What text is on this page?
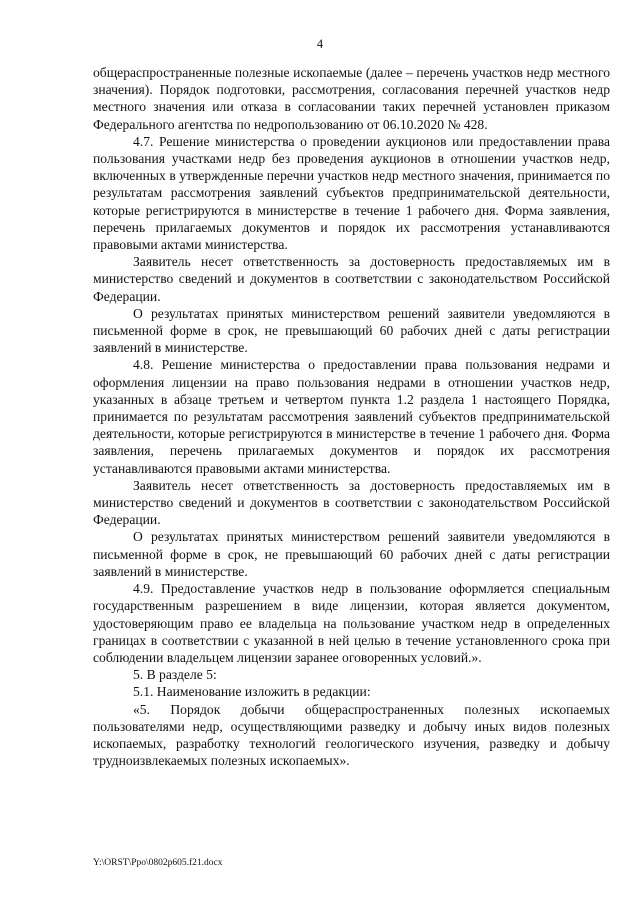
4

общераспространенные полезные ископаемые (далее – перечень участков недр местного значения). Порядок подготовки, рассмотрения, согласования перечней участков недр местного значения или отказа в согласовании таких перечней установлен приказом Федерального агентства по недропользованию от 06.10.2020 № 428.

4.7. Решение министерства о проведении аукционов или предоставлении права пользования участками недр без проведения аукционов в отношении участков недр, включенных в утвержденные перечни участков недр местного значения, принимается по результатам рассмотрения заявлений субъектов предпринимательской деятельности, которые регистрируются в министерстве в течение 1 рабочего дня. Форма заявления, перечень прилагаемых документов и порядок их рассмотрения устанавливаются правовыми актами министерства.

Заявитель несет ответственность за достоверность предоставляемых им в министерство сведений и документов в соответствии с законодательством Российской Федерации.

О результатах принятых министерством решений заявители уведомляются в письменной форме в срок, не превышающий 60 рабочих дней с даты регистрации заявлений в министерстве.

4.8. Решение министерства о предоставлении права пользования недрами и оформления лицензии на право пользования недрами в отношении участков недр, указанных в абзаце третьем и четвертом пункта 1.2 раздела 1 настоящего Порядка, принимается по результатам рассмотрения заявлений субъектов предпринимательской деятельности, которые регистрируются в министерстве в течение 1 рабочего дня. Форма заявления, перечень прилагаемых документов и порядок их рассмотрения устанавливаются правовыми актами министерства.

Заявитель несет ответственность за достоверность предоставляемых им в министерство сведений и документов в соответствии с законодательством Российской Федерации.

О результатах принятых министерством решений заявители уведомляются в письменной форме в срок, не превышающий 60 рабочих дней с даты регистрации заявлений в министерстве.

4.9. Предоставление участков недр в пользование оформляется специальным государственным разрешением в виде лицензии, которая является документом, удостоверяющим право ее владельца на пользование участком недр в определенных границах в соответствии с указанной в ней целью в течение установленного срока при соблюдении владельцем лицензии заранее оговоренных условий.».

5. В разделе 5:

5.1. Наименование изложить в редакции:

«5. Порядок добычи общераспространенных полезных ископаемых пользователями недр, осуществляющими разведку и добычу иных видов полезных ископаемых, разработку технологий геологического изучения, разведку и добычу трудноизвлекаемых полезных ископаемых».

Y:\ORST\Ppo\0802p605.f21.docx
